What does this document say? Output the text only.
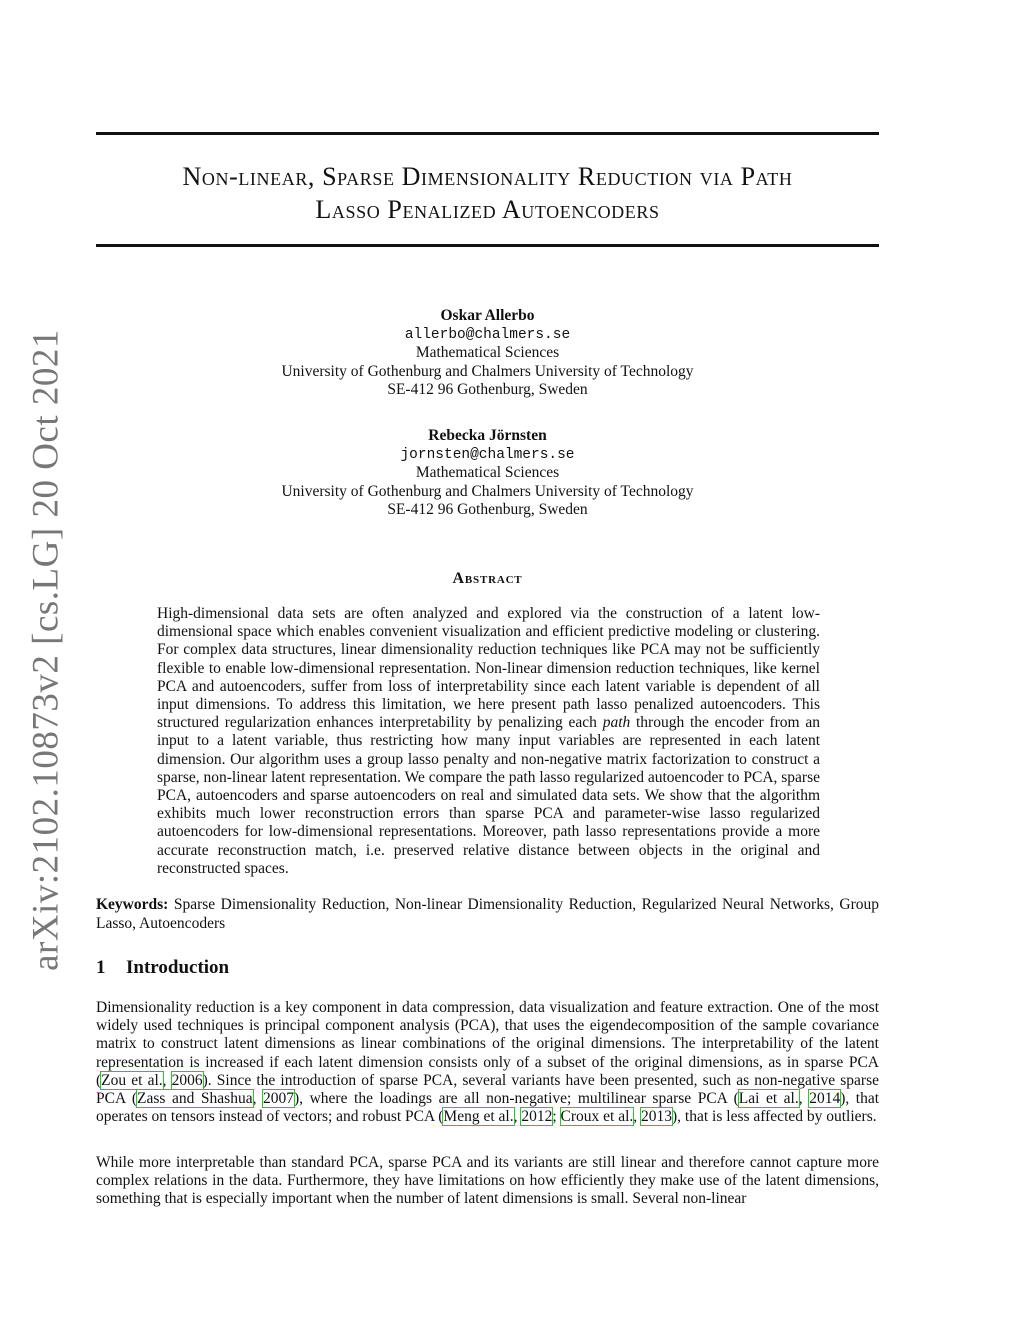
arXiv:2102.10873v2 [cs.LG] 20 Oct 2021
Non-linear, Sparse Dimensionality Reduction via Path
Lasso Penalized Autoencoders
Oskar Allerbo
allerbo@chalmers.se
Mathematical Sciences
University of Gothenburg and Chalmers University of Technology
SE-412 96 Gothenburg, Sweden
Rebecka Jörnsten
jornsten@chalmers.se
Mathematical Sciences
University of Gothenburg and Chalmers University of Technology
SE-412 96 Gothenburg, Sweden
Abstract
High-dimensional data sets are often analyzed and explored via the construction of a latent low-dimensional space which enables convenient visualization and efficient predictive modeling or clustering. For complex data structures, linear dimensionality reduction techniques like PCA may not be sufficiently flexible to enable low-dimensional representation. Non-linear dimension reduction techniques, like kernel PCA and autoencoders, suffer from loss of interpretability since each latent variable is dependent of all input dimensions. To address this limitation, we here present path lasso penalized autoencoders. This structured regularization enhances interpretability by penalizing each path through the encoder from an input to a latent variable, thus restricting how many input variables are represented in each latent dimension. Our algorithm uses a group lasso penalty and non-negative matrix factorization to construct a sparse, non-linear latent representation. We compare the path lasso regularized autoencoder to PCA, sparse PCA, autoencoders and sparse autoencoders on real and simulated data sets. We show that the algorithm exhibits much lower reconstruction errors than sparse PCA and parameter-wise lasso regularized autoencoders for low-dimensional representations. Moreover, path lasso representations provide a more accurate reconstruction match, i.e. preserved relative distance between objects in the original and reconstructed spaces.
Keywords: Sparse Dimensionality Reduction, Non-linear Dimensionality Reduction, Regularized Neural Networks, Group Lasso, Autoencoders
1 Introduction
Dimensionality reduction is a key component in data compression, data visualization and feature extraction. One of the most widely used techniques is principal component analysis (PCA), that uses the eigendecomposition of the sample covariance matrix to construct latent dimensions as linear combinations of the original dimensions. The interpretability of the latent representation is increased if each latent dimension consists only of a subset of the original dimensions, as in sparse PCA (Zou et al., 2006). Since the introduction of sparse PCA, several variants have been presented, such as non-negative sparse PCA (Zass and Shashua, 2007), where the loadings are all non-negative; multilinear sparse PCA (Lai et al., 2014), that operates on tensors instead of vectors; and robust PCA (Meng et al., 2012; Croux et al., 2013), that is less affected by outliers.
While more interpretable than standard PCA, sparse PCA and its variants are still linear and therefore cannot capture more complex relations in the data. Furthermore, they have limitations on how efficiently they make use of the latent dimensions, something that is especially important when the number of latent dimensions is small. Several non-linear
